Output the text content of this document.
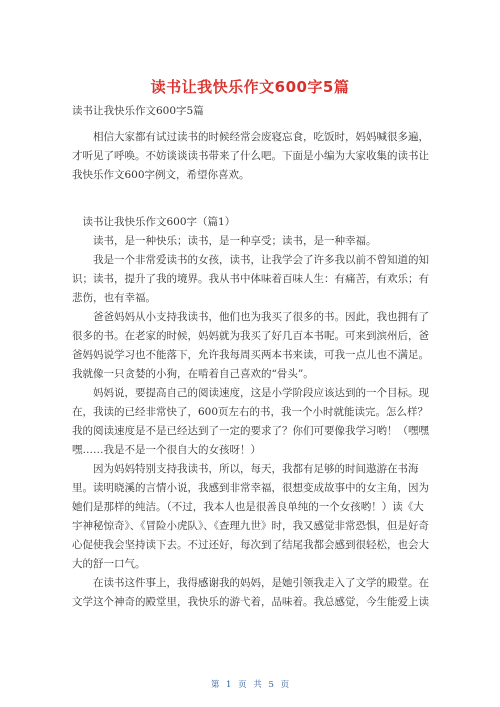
读书让我快乐作文600字5篇
读书让我快乐作文600字5篇

相信大家都有试过读书的时候经常会废寝忘食，吃饭时，妈妈喊很多遍，才听见了呼唤。不妨谈谈读书带来了什么吧。下面是小编为大家收集的读书让我快乐作文600字例文，希望你喜欢。

读书让我快乐作文600字（篇1）

读书，是一种快乐；读书，是一种享受；读书，是一种幸福。

我是一个非常爱读书的女孩，读书，让我学会了许多我以前不曾知道的知识；读书，提升了我的境界。我从书中体味着百味人生：有痛苦，有欢乐；有悲伤，也有幸福。

爸爸妈妈从小支持我读书，他们也为我买了很多的书。因此，我也拥有了很多的书。在老家的时候，妈妈就为我买了好几百本书呢。可来到滨州后，爸爸妈妈说学习也不能落下，允许我每周买两本书来读，可我一点儿也不满足。我就像一只贪婪的小狗，在啃着自己喜欢的“骨头”。

妈妈说，要提高自己的阅读速度，这是小学阶段应该达到的一个目标。现在，我读的已经非常快了，600页左右的书，我一个小时就能读完。怎么样？我的阅读速度是不是已经达到了一定的要求了？你们可要像我学习哟！（嘿嘿嘿……我是不是一个很自大的女孩呀！）

因为妈妈特别支持我读书，所以，每天，我都有足够的时间遨游在书海里。读明晓溪的言情小说，我感到非常幸福，很想变成故事中的女主角，因为她们是那样的纯洁。（不过，我本人也是很善良单纯的一个女孩哟！）读《大宇神秘惊奇》、《冒险小虎队》、《查理九世》时，我又感觉非常恐惧，但是好奇心促使我会坚持读下去。不过还好，每次到了结尾我都会感到很轻松，也会大大的舒一口气。

在读书这件事上，我得感谢我的妈妈，是她引领我走入了文学的殿堂。在文学这个神奇的殿堂里，我快乐的游弋着，品味着。我总感觉，今生能爱上读

第 1 页 共 5 页
